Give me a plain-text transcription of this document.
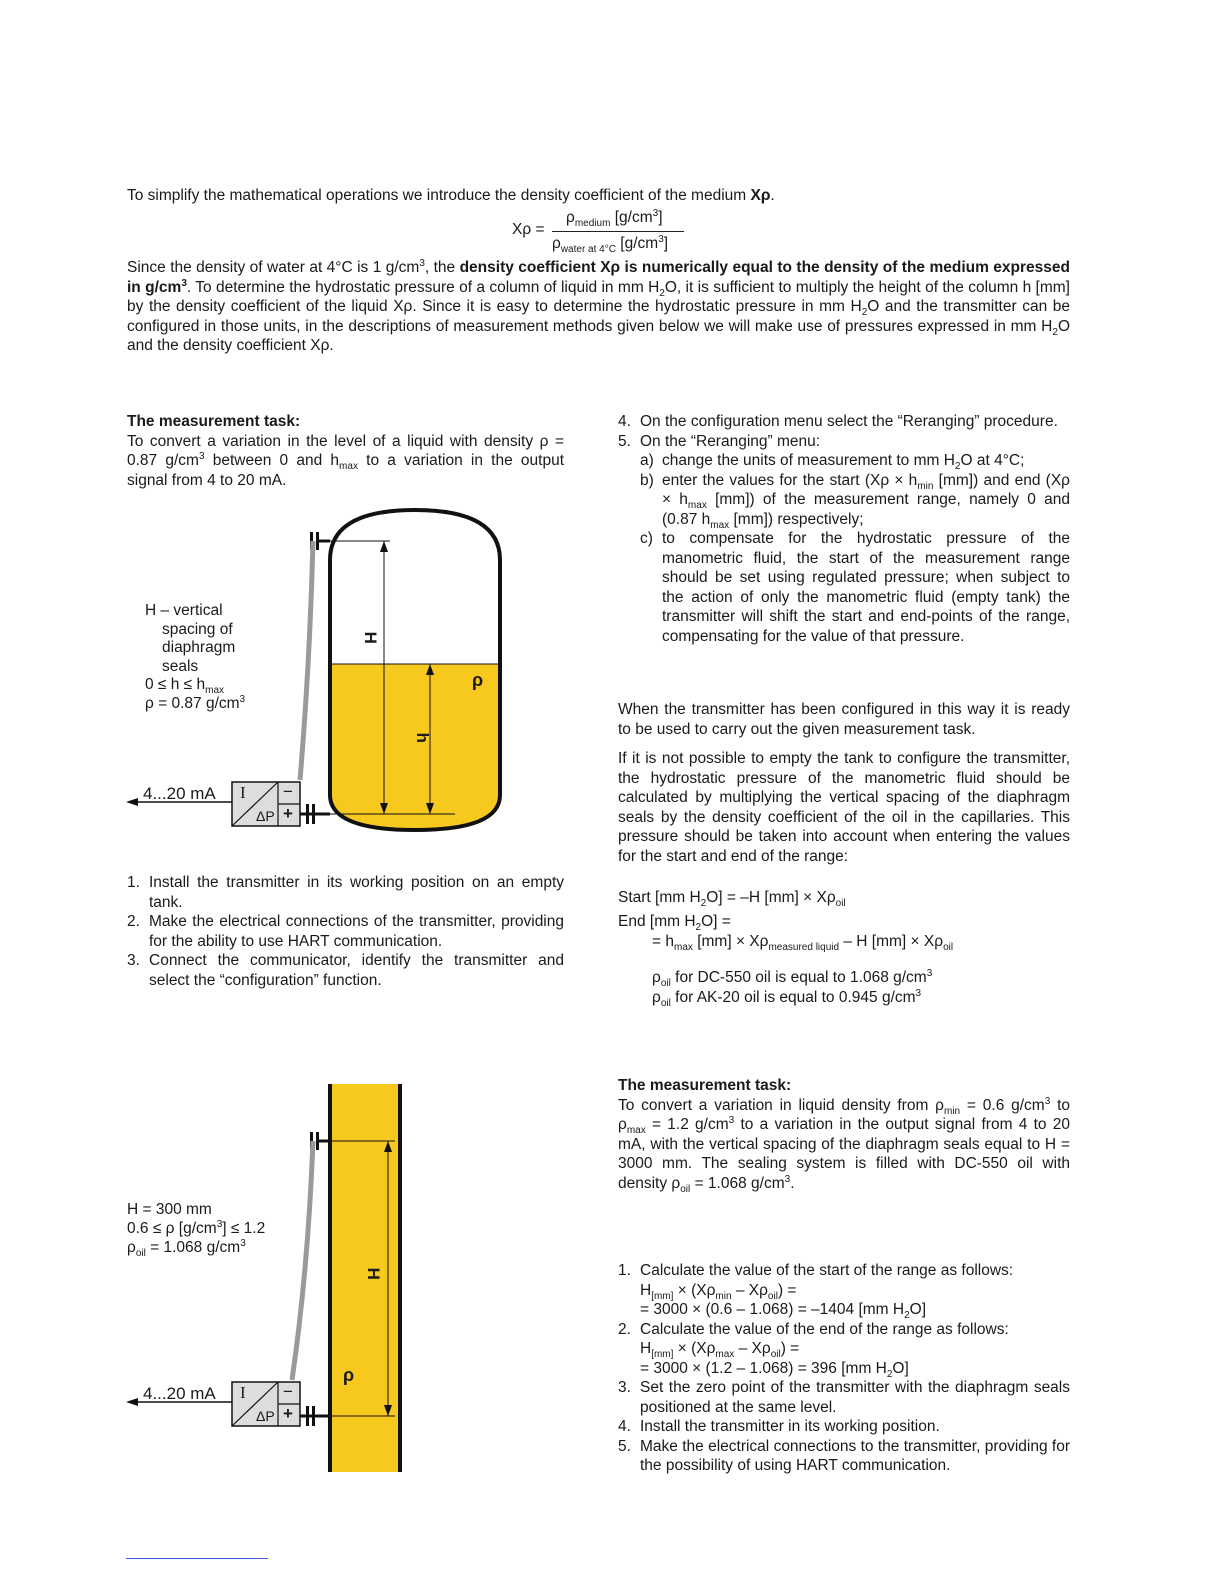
To simplify the mathematical operations we introduce the density coefficient of the medium Xρ.
Xρ =
$\rho_{medium}$ $[g/cm^3]$
$\rho_{water at 4^\circ C}$ $[g/cm^3]$
Since the density of water at 4°C is 1 $g/cm^3$, the density coefficient Xρ is numerically equal to the density of the medium expressed in $g/cm^3$. To determine the hydrostatic pressure of a column of liquid in mm $H_2O$, it is sufficient to multiply the height of the column h [mm] by the density coefficient of the liquid Xρ. Since it is easy to determine the hydrostatic pressure in mm $H_2O$ and the transmitter can be configured in those units, in the descriptions of measurement methods given below we will make use of pressures expressed in mm $H_2O$ and the density coefficient Xρ.
The measurement task:
To convert a variation in the level of a liquid with density ρ = 0.87 $g/cm^3$ between 0 and $h_{max}$ to a variation in the output signal from 4 to 20 mA.
H
h
ρ
4...20 mA I
ΔP
−
+
H – vertical
spacing of
diaphragm
seals
$0 \le h \le h_{max}$
ρ = 0.87 $g/cm^3$
1. Install the transmitter in its working position on an empty tank.
2. Make the electrical connections of the transmitter, providing for the ability to use HART communication.
3. Connect the communicator, identify the transmitter and select the “configuration” function.
4. On the configuration menu select the “Reranging” procedure.
5. On the “Reranging” menu:
a) change the units of measurement to mm $H_2O$ at 4°C;
b) enter the values for the start ($X\rho \times h_{min}$ [mm]) and end ($X\rho \times h_{max}$ [mm]) of the measurement range, namely 0 and (0.87 $h_{max}$ [mm]) respectively;
c) to compensate for the hydrostatic pressure of the manometric fluid, the start of the measurement range should be set using regulated pressure; when subject to the action of only the manometric fluid (empty tank) the transmitter will shift the start and end-points of the range, compensating for the value of that pressure.
When the transmitter has been configured in this way it is ready to be used to carry out the given measurement task.
If it is not possible to empty the tank to configure the transmitter, the hydrostatic pressure of the manometric fluid should be calculated by multiplying the vertical spacing of the diaphragm seals by the density coefficient of the oil in the capillaries. This pressure should be taken into account when entering the values for the start and end of the range:
Start [mm $H_2O] = -H$ $[mm] \times X\rho_{oil}$
End [mm $H_2O$] =
= $h_{max}$ $[mm] \times X\rho_{measured liquid} - H$ $[mm] \times X\rho_{oil}$
$\rho_{oil}$ for DC-550 oil is equal to 1.068 $g/cm^3$
$\rho_{oil}$ for AK-20 oil is equal to 0.945 $g/cm^3$
H
ρ
4...20 mA I
ΔP
−
+
H = 300 mm
0.6 ≤ ρ $[g/cm^3] \le 1.2$
$\rho_{oil} = 1.068$ $g/cm^3$
The measurement task:
To convert a variation in liquid density from $\rho_{min} = 0.6$ $g/cm^3$ to $\rho_{max} = 1.2$ $g/cm^3$ to a variation in the output signal from 4 to 20 mA, with the vertical spacing of the diaphragm seals equal to H = 3000 mm. The sealing system is filled with DC-550 oil with density $\rho_{oil} = 1.068$ $g/cm^3$.
1. Calculate the value of the start of the range as follows:
$H_{[mm]} \times (X\rho_{min} - X\rho_{oil})$ =
= 3000 × (0.6 – 1.068) = –1404 [mm $H_2O$]
2. Calculate the value of the end of the range as follows:
$H_{[mm]} \times (X\rho_{max} - X\rho_{oil})$ =
= 3000 × (1.2 – 1.068) = 396 [mm $H_2O$]
3. Set the zero point of the transmitter with the diaphragm seals positioned at the same level.
4. Install the transmitter in its working position.
5. Make the electrical connections to the transmitter, providing for the possibility of using HART communication.
